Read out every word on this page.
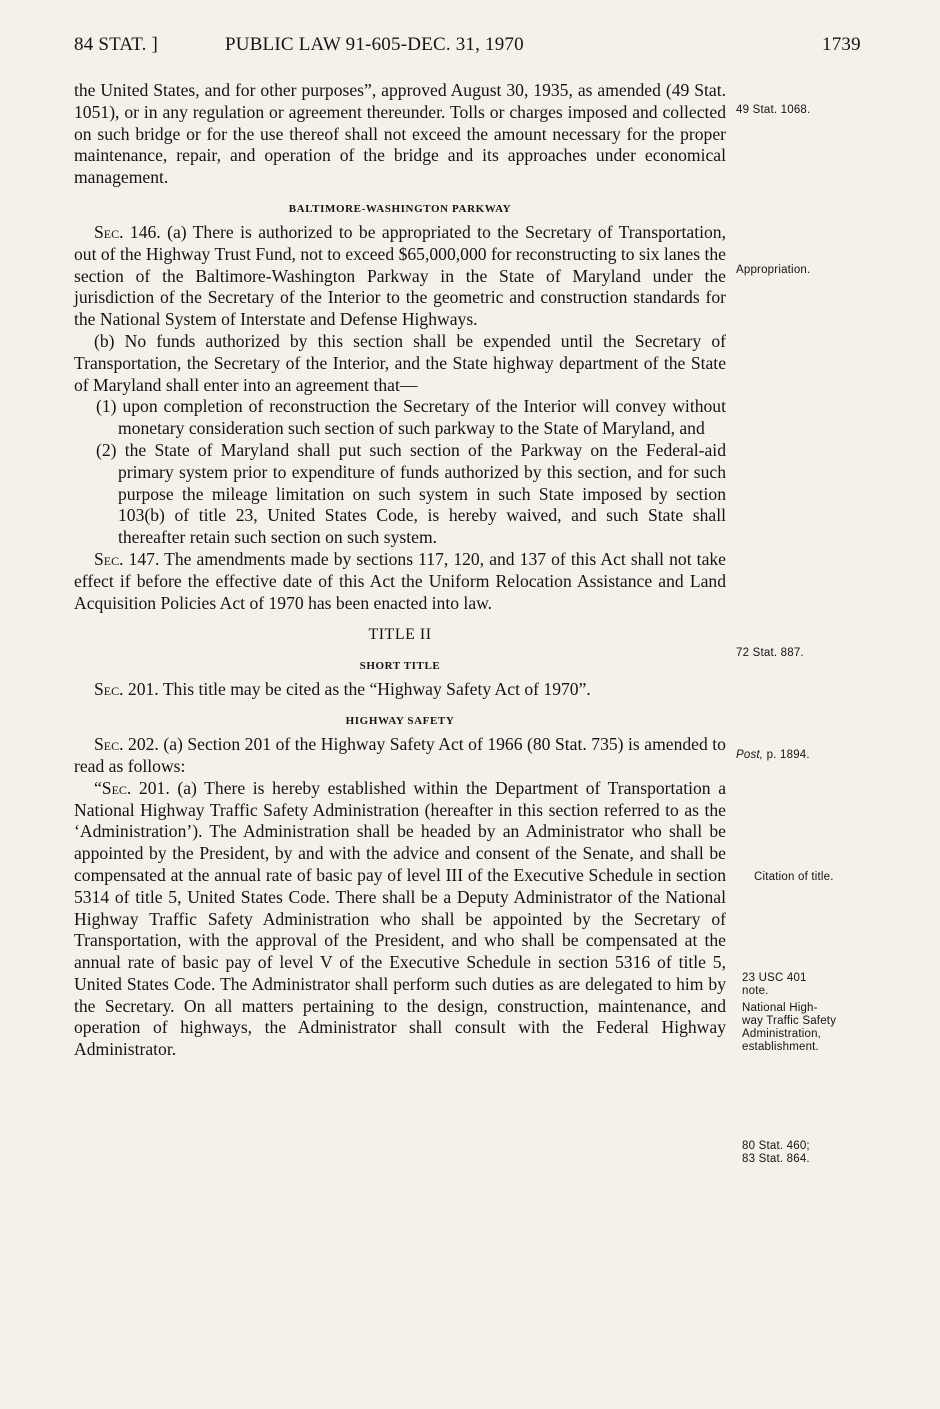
84 STAT. ]	PUBLIC LAW 91-605-DEC. 31, 1970	1739

the United States, and for other purposes”, approved August 30, 1935, as amended (49 Stat. 1051), or in any regulation or agreement thereunder. Tolls or charges imposed and collected on such bridge or for the use thereof shall not exceed the amount necessary for the proper maintenance, repair, and operation of the bridge and its approaches under economical management.

BALTIMORE-WASHINGTON PARKWAY

Sec. 146. (a) There is authorized to be appropriated to the Secretary of Transportation, out of the Highway Trust Fund, not to exceed $65,000,000 for reconstructing to six lanes the section of the Baltimore-Washington Parkway in the State of Maryland under the jurisdiction of the Secretary of the Interior to the geometric and construction standards for the National System of Interstate and Defense Highways.

(b) No funds authorized by this section shall be expended until the Secretary of Transportation, the Secretary of the Interior, and the State highway department of the State of Maryland shall enter into an agreement that—

(1) upon completion of reconstruction the Secretary of the Interior will convey without monetary consideration such section of such parkway to the State of Maryland, and

(2) the State of Maryland shall put such section of the Parkway on the Federal-aid primary system prior to expenditure of funds authorized by this section, and for such purpose the mileage limitation on such system in such State imposed by section 103(b) of title 23, United States Code, is hereby waived, and such State shall thereafter retain such section on such system.

Sec. 147. The amendments made by sections 117, 120, and 137 of this Act shall not take effect if before the effective date of this Act the Uniform Relocation Assistance and Land Acquisition Policies Act of 1970 has been enacted into law.

TITLE II
SHORT TITLE

Sec. 201. This title may be cited as the “Highway Safety Act of 1970”.

HIGHWAY SAFETY

Sec. 202. (a) Section 201 of the Highway Safety Act of 1966 (80 Stat. 735) is amended to read as follows:

“Sec. 201. (a) There is hereby established within the Department of Transportation a National Highway Traffic Safety Administration (hereafter in this section referred to as the ‘Administration’). The Administration shall be headed by an Administrator who shall be appointed by the President, by and with the advice and consent of the Senate, and shall be compensated at the annual rate of basic pay of level III of the Executive Schedule in section 5314 of title 5, United States Code. There shall be a Deputy Administrator of the National Highway Traffic Safety Administration who shall be appointed by the Secretary of Transportation, with the approval of the President, and who shall be compensated at the annual rate of basic pay of level V of the Executive Schedule in section 5316 of title 5, United States Code. The Administrator shall perform such duties as are delegated to him by the Secretary. On all matters pertaining to the design, construction, maintenance, and operation of highways, the Administrator shall consult with the Federal Highway Administrator.

49 Stat. 1068.
Appropriation.
72 Stat. 887.
Post, p. 1894.
Citation of title.
23 USC 401
note.
National High-
way Traffic Safety
Administration,
establishment.
80 Stat. 460;
83 Stat. 864.
